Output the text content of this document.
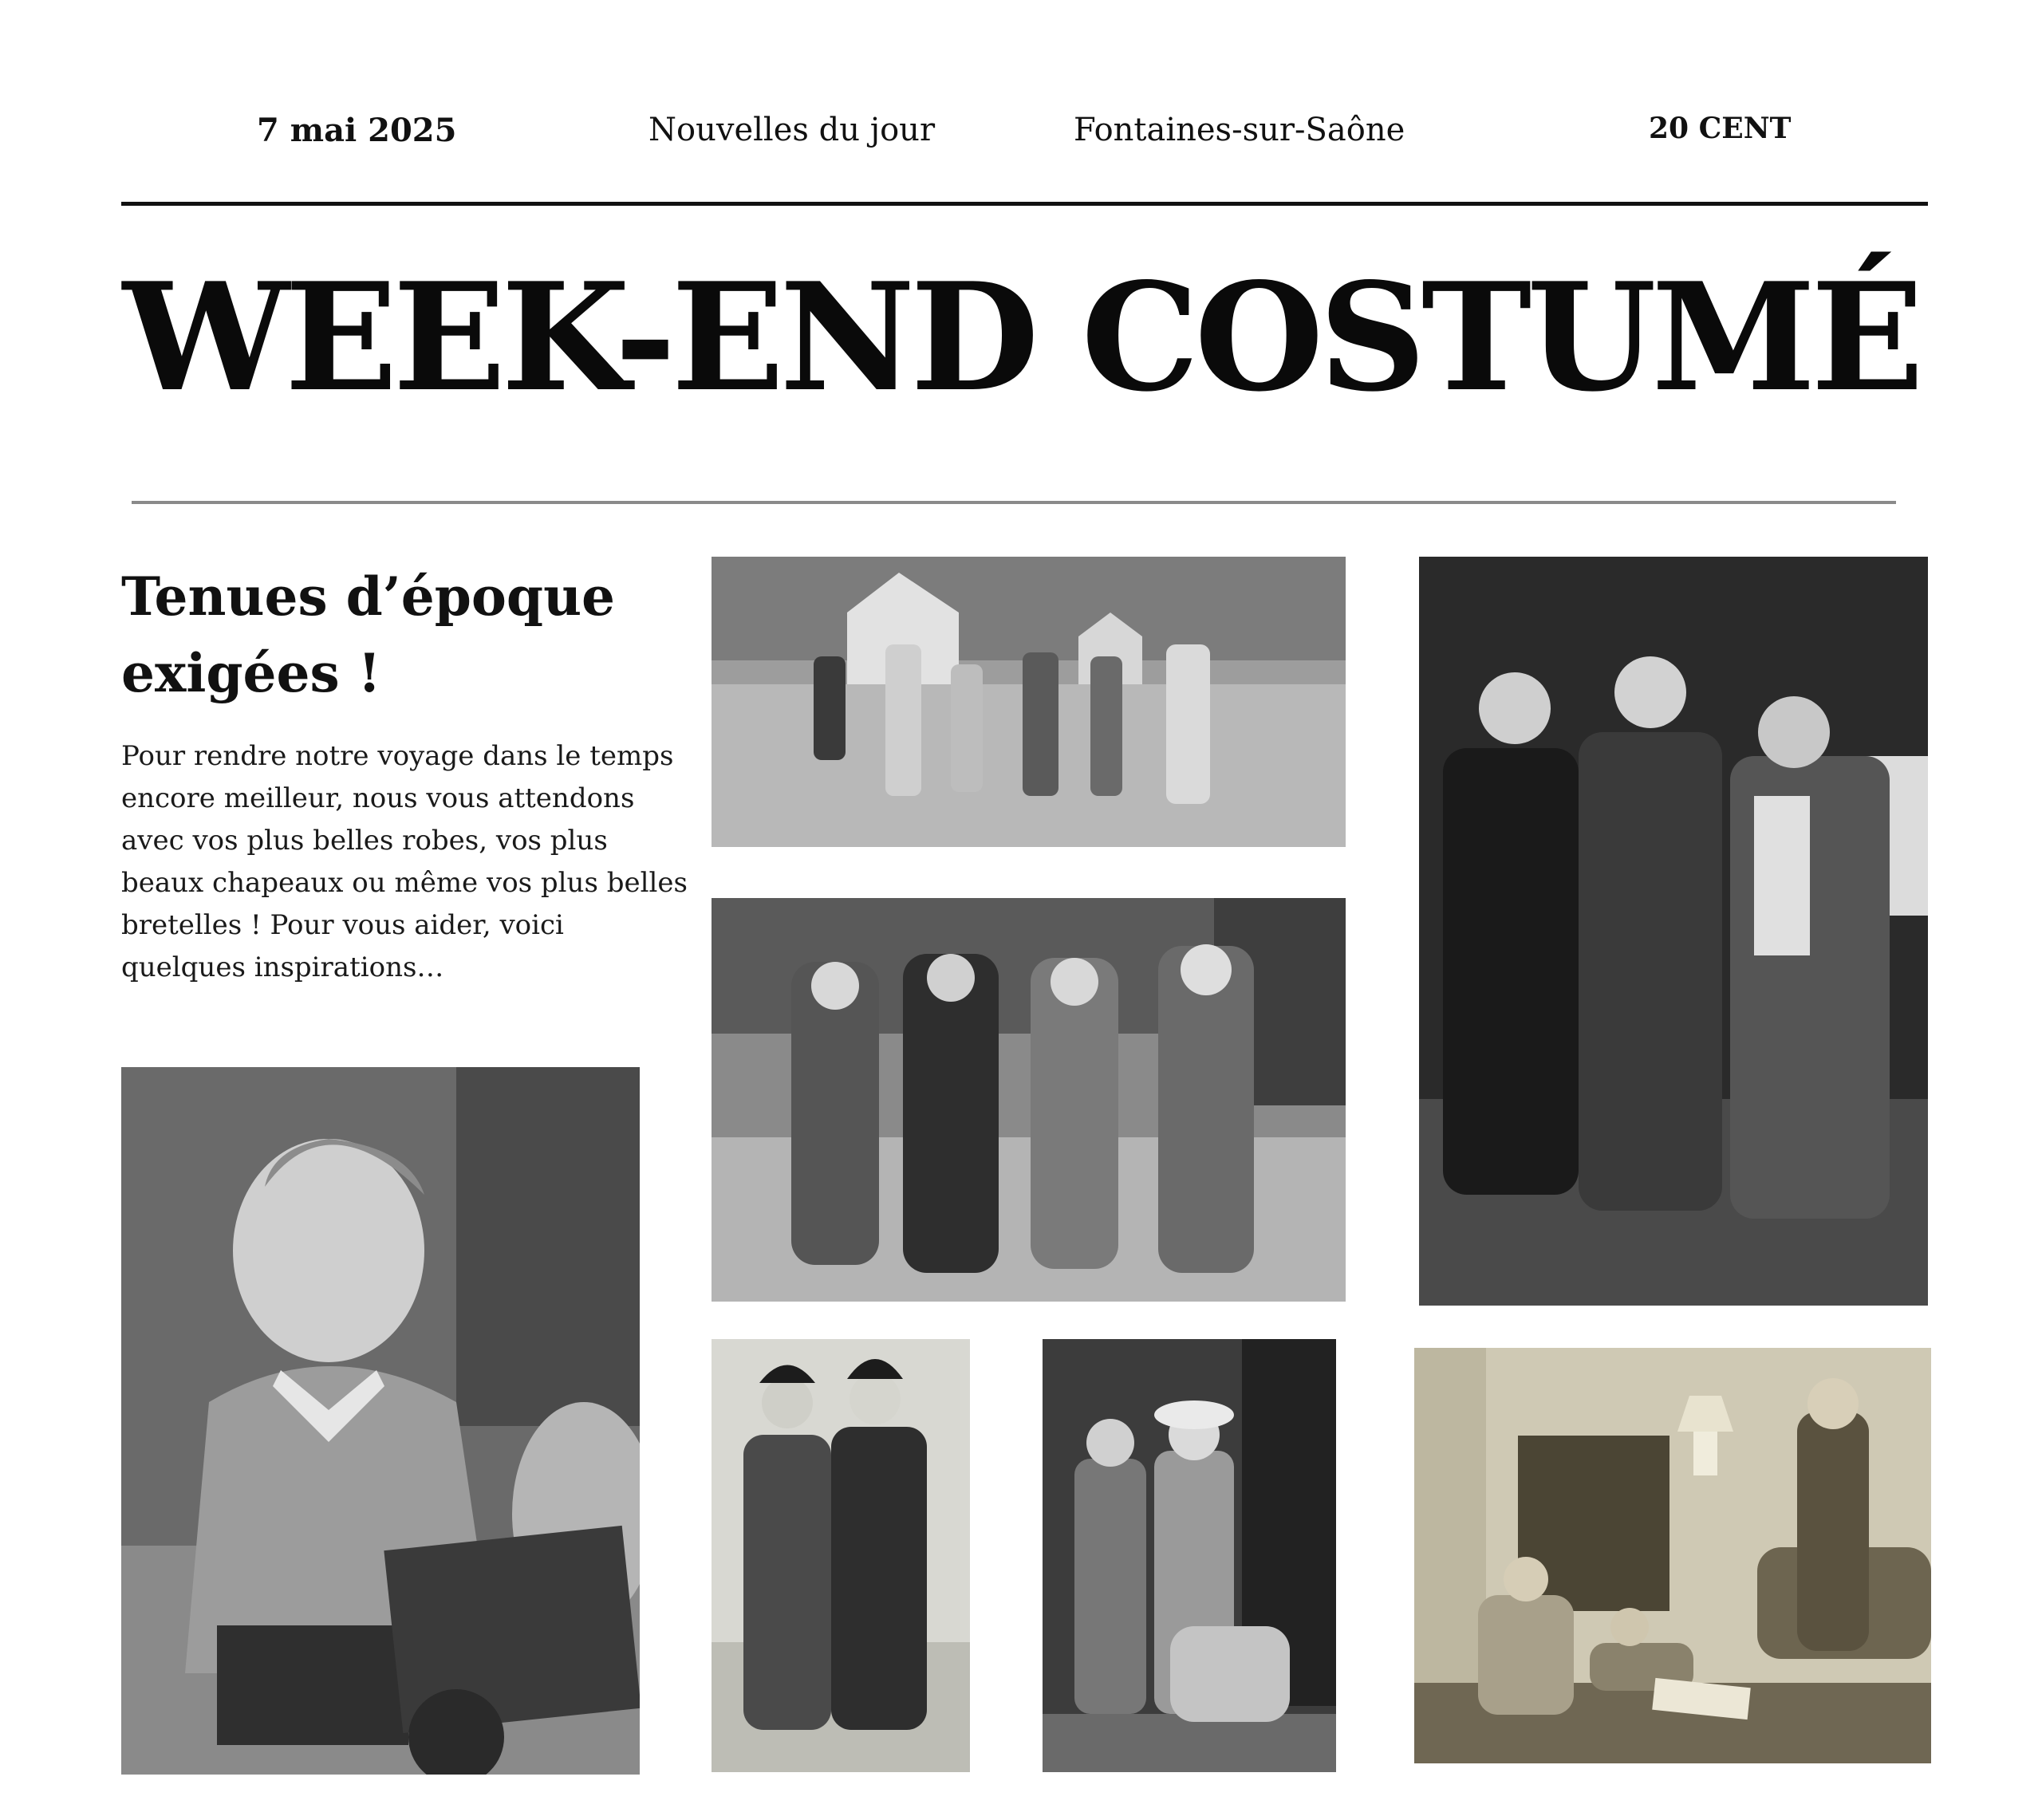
7 mai 2025	Nouvelles du jour	Fontaines-sur-Saône	20 CENT
WEEK-END COSTUMÉ
Tenues d’époque exigées !
Pour rendre notre voyage dans le temps encore meilleur, nous vous attendons avec vos plus belles robes, vos plus beaux chapeaux ou même vos plus belles bretelles ! Pour vous aider, voici quelques inspirations…
